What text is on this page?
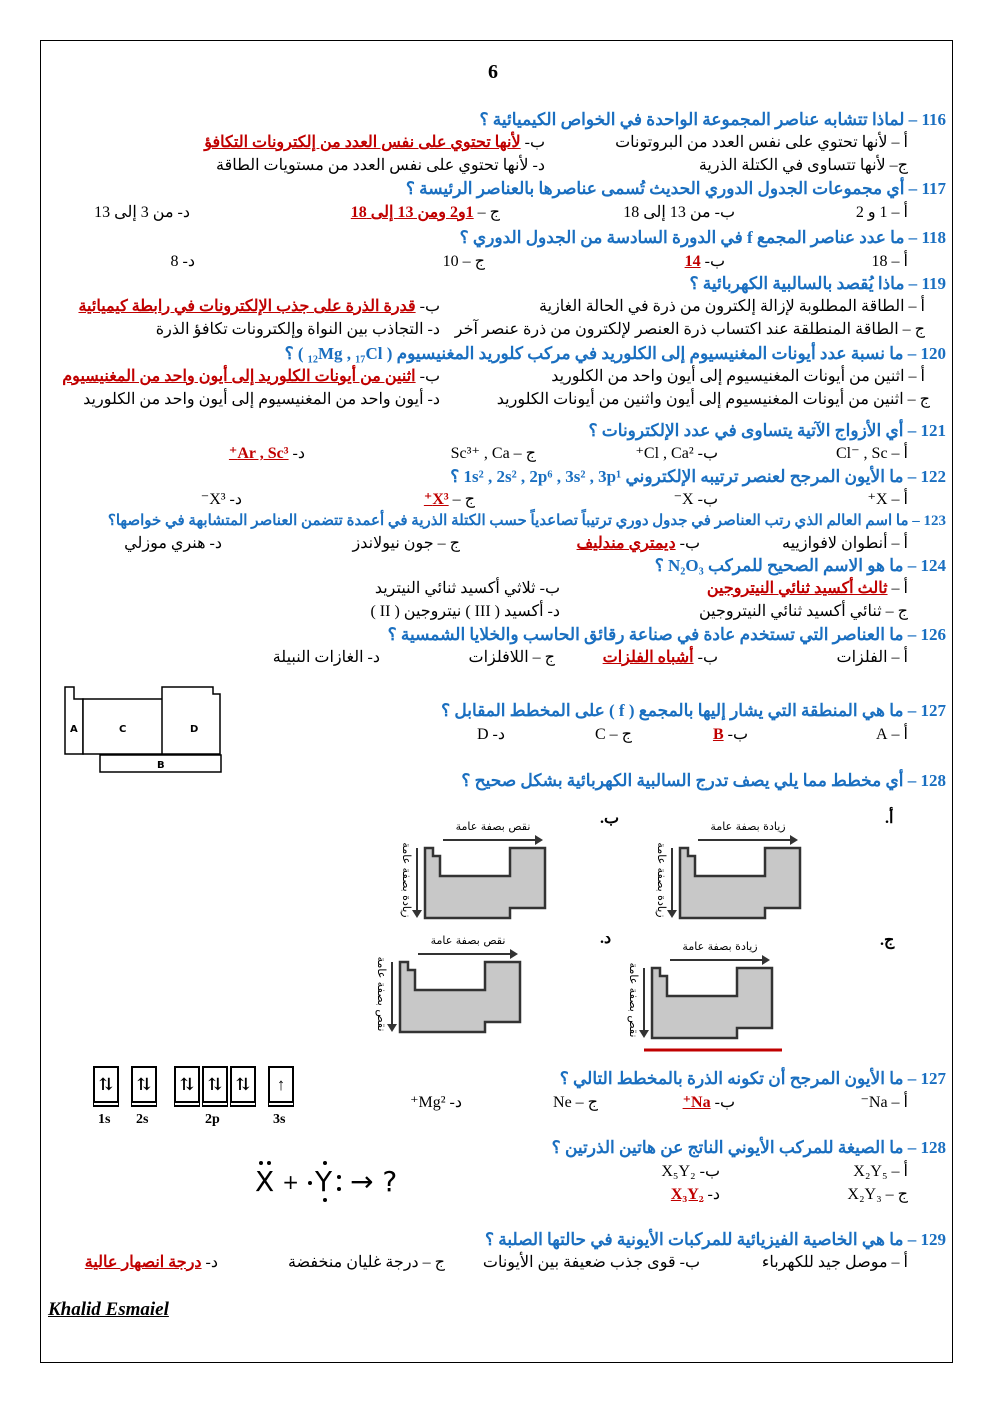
6
116 – لماذا تتشابه عناصر المجموعة الواحدة في الخواص الكيميائية ؟
أ –لأنها تحتوي على نفس العدد من البروتونات
ب-لأنها تحتوي على نفس العدد من إلكترونات التكافؤ
ج–لأنها تتساوى في الكتلة الذرية
د-لأنها تحتوي على نفس العدد من مستويات الطاقة
117 – أي مجموعات الجدول الدوري الحديث تُسمى عناصرها بالعناصر الرئيسة ؟
أ –1 و 2
ب-من 13 إلى 18
ج –1و2 ومن 13 إلى 18
د-من 3 إلى 13
118 – ما عدد عناصر المجمع f في الدورة السادسة من الجدول الدوري ؟
أ –18
ب-14
ج –10
د-8
119 – ماذا يُقصد بالسالبية الكهربائية ؟
أ –الطاقة المطلوبة لإزالة إلكترون من ذرة في الحالة الغازية
ب-قدرة الذرة على جذب الإلكترونات في رابطة كيميائية
ج –الطاقة المنطلقة عند اكتساب ذرة العنصر لإلكترون من ذرة عنصر آخر
د-التجاذب بين النواة وإلكترونات تكافؤ الذرة
120 – ما نسبة عدد أيونات المغنيسيوم إلى الكلوريد في مركب كلوريد المغنيسيوم ( ₁₂Mg , ₁₇Cl ) ؟
أ –اثنين من أيونات المغنيسيوم إلى أيون واحد من الكلوريد
ب-اثنين من أيونات الكلوريد إلى أيون واحد من المغنيسيوم
ج –اثنين من أيونات المغنيسيوم إلى أيون واثنين من أيونات الكلوريد
د-أيون واحد من المغنيسيوم إلى أيون واحد من الكلوريد
121 – أي الأزواج الآتية يتساوى في عدد الإلكترونات ؟
أ –Cl⁻ , Sc
ب-Cl , Ca²⁺
ج –Sc³⁺ , Ca
د-Ar , Sc³⁺
122 – ما الأيون المرجح لعنصر ترتيبه الإلكتروني 1s² , 2s² , 2p⁶ , 3s² , 3p¹ ؟
أ –X⁺
ب-X⁻
ج –X³⁺
د-X³⁻
123 – ما اسم العالم الذي رتب العناصر في جدول دوري ترتيباً تصاعدياً حسب الكتلة الذرية في أعمدة تتضمن العناصر المتشابهة في خواصها؟
أ –أنطوان لافوازييه
ب-ديمتري مندليف
ج –جون نيولاندز
د-هنري موزلي
124 – ما هو الاسم الصحيح للمركب N₂O₃ ؟
أ –ثالث أكسيد ثنائي النيتروجين
ب-ثلاثي أكسيد ثنائي النيتريد
ج –ثنائي أكسيد ثنائي النيتروجين
د-أكسيد ( III ) نيتروجين ( II )
126 – ما العناصر التي تستخدم عادة في صناعة رقائق الحاسب والخلايا الشمسية ؟
أ –الفلزات
ب-أشباه الفلزات
ج –اللافلزات
د-الغازات النبيلة
127 – ما هي المنطقة التي يشار إليها بالمجمع ( f ) على المخطط المقابل ؟
أ –A
ب-B
ج –C
د-D
128 – أي مخطط مما يلي يصف تدرج السالبية الكهربائية بشكل صحيح ؟
127 – ما الأيون المرجح أن تكونه الذرة بالمخطط التالي ؟
أ –Na⁻
ب-Na⁺
ج –Ne
د-Mg²⁺
128 – ما الصيغة للمركب الأيوني الناتج عن هاتين الذرتين ؟
أ –X₂Y₅
ب-X₅Y₂
ج –X₂Y₃
د-X₃Y₂
129 – ما هي الخاصية الفيزيائية للمركبات الأيونية في حالتها الصلبة ؟
أ –موصل جيد للكهرباء
ب-قوى جذب ضعيفة بين الأيونات
ج –درجة غليان منخفضة
د-درجة انصهار عالية
A	C	D
B
أ.
زيادة بصفة عامة
زيادة بصفة عامة
ب.
نقص بصفة عامة
زيادة بصفة عامة
ج.
زيادة بصفة عامة
نقص بصفة عامة
د.
نقص بصفة عامة
نقص بصفة عامة
⇅
1s
⇅
2s
⇅ ⇅ ⇅
2p
↑
3s
X + Y → ?
Khalid Esmaiel
